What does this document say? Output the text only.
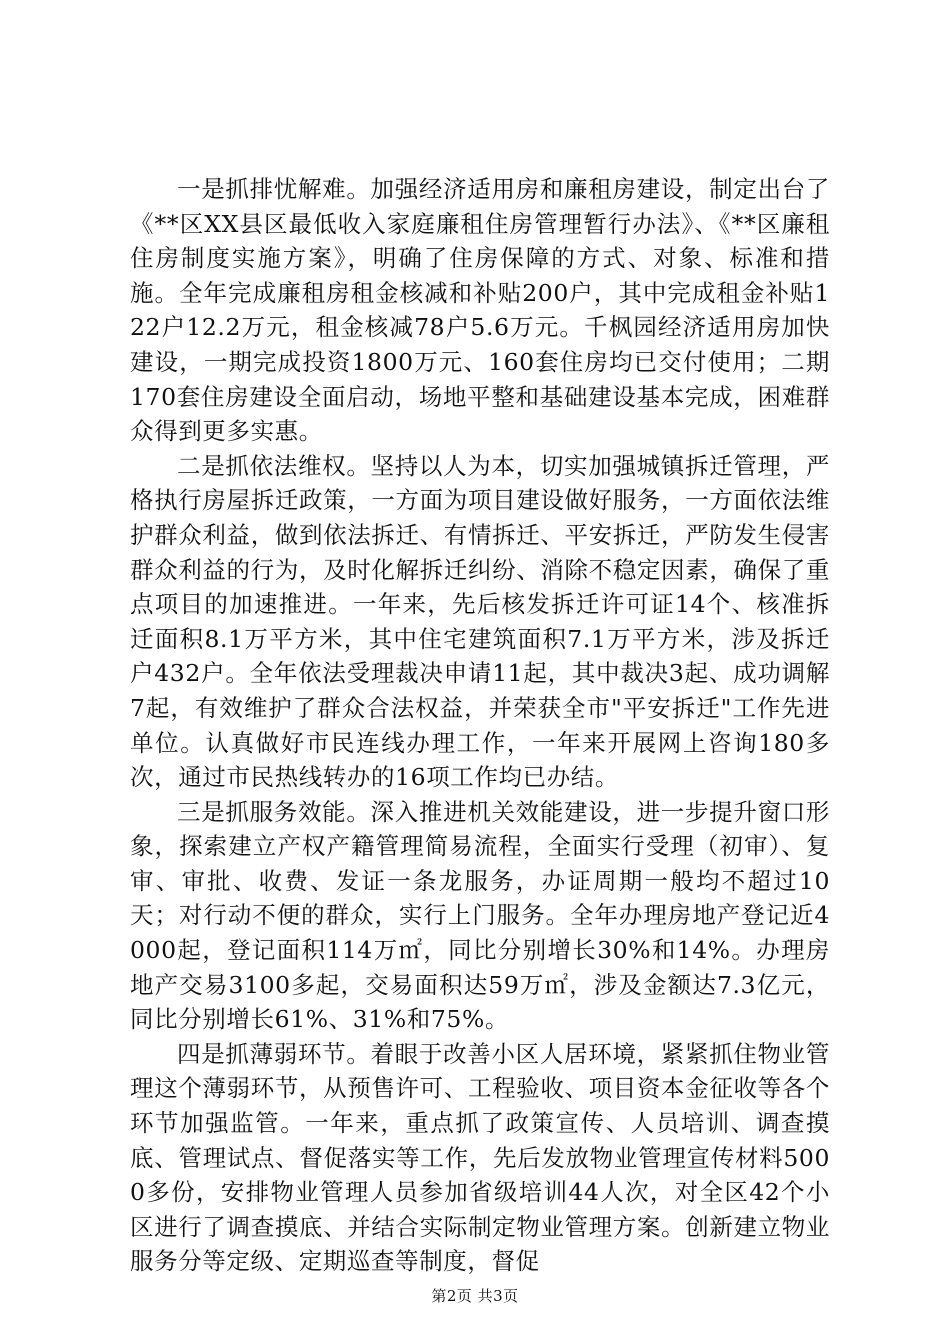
一是抓排忧解难。加强经济适用房和廉租房建设，制定出台了《**区XX县区最低收入家庭廉租住房管理暂行办法》、《**区廉租住房制度实施方案》，明确了住房保障的方式、对象、标准和措施。全年完成廉租房租金核减和补贴200户，其中完成租金补贴122户12.2万元，租金核减78户5.6万元。千枫园经济适用房加快建设，一期完成投资1800万元、160套住房均已交付使用；二期170套住房建设全面启动，场地平整和基础建设基本完成，困难群众得到更多实惠。

二是抓依法维权。坚持以人为本，切实加强城镇拆迁管理，严格执行房屋拆迁政策，一方面为项目建设做好服务，一方面依法维护群众利益，做到依法拆迁、有情拆迁、平安拆迁，严防发生侵害群众利益的行为，及时化解拆迁纠纷、消除不稳定因素，确保了重点项目的加速推进。一年来，先后核发拆迁许可证14个、核准拆迁面积8.1万平方米，其中住宅建筑面积7.1万平方米，涉及拆迁户432户。全年依法受理裁决申请11起，其中裁决3起、成功调解7起，有效维护了群众合法权益，并荣获全市"平安拆迁"工作先进单位。认真做好市民连线办理工作，一年来开展网上咨询180多次，通过市民热线转办的16项工作均已办结。

三是抓服务效能。深入推进机关效能建设，进一步提升窗口形象，探索建立产权产籍管理简易流程，全面实行受理（初审）、复审、审批、收费、发证一条龙服务，办证周期一般均不超过10天；对行动不便的群众，实行上门服务。全年办理房地产登记近4000起，登记面积114万㎡，同比分别增长30%和14%。办理房地产交易3100多起，交易面积达59万㎡，涉及金额达7.3亿元，同比分别增长61%、31%和75%。

四是抓薄弱环节。着眼于改善小区人居环境，紧紧抓住物业管理这个薄弱环节，从预售许可、工程验收、项目资本金征收等各个环节加强监管。一年来，重点抓了政策宣传、人员培训、调查摸底、管理试点、督促落实等工作，先后发放物业管理宣传材料5000多份，安排物业管理人员参加省级培训44人次，对全区42个小区进行了调查摸底、并结合实际制定物业管理方案。创新建立物业服务分等定级、定期巡查等制度，督促

第2页 共3页
